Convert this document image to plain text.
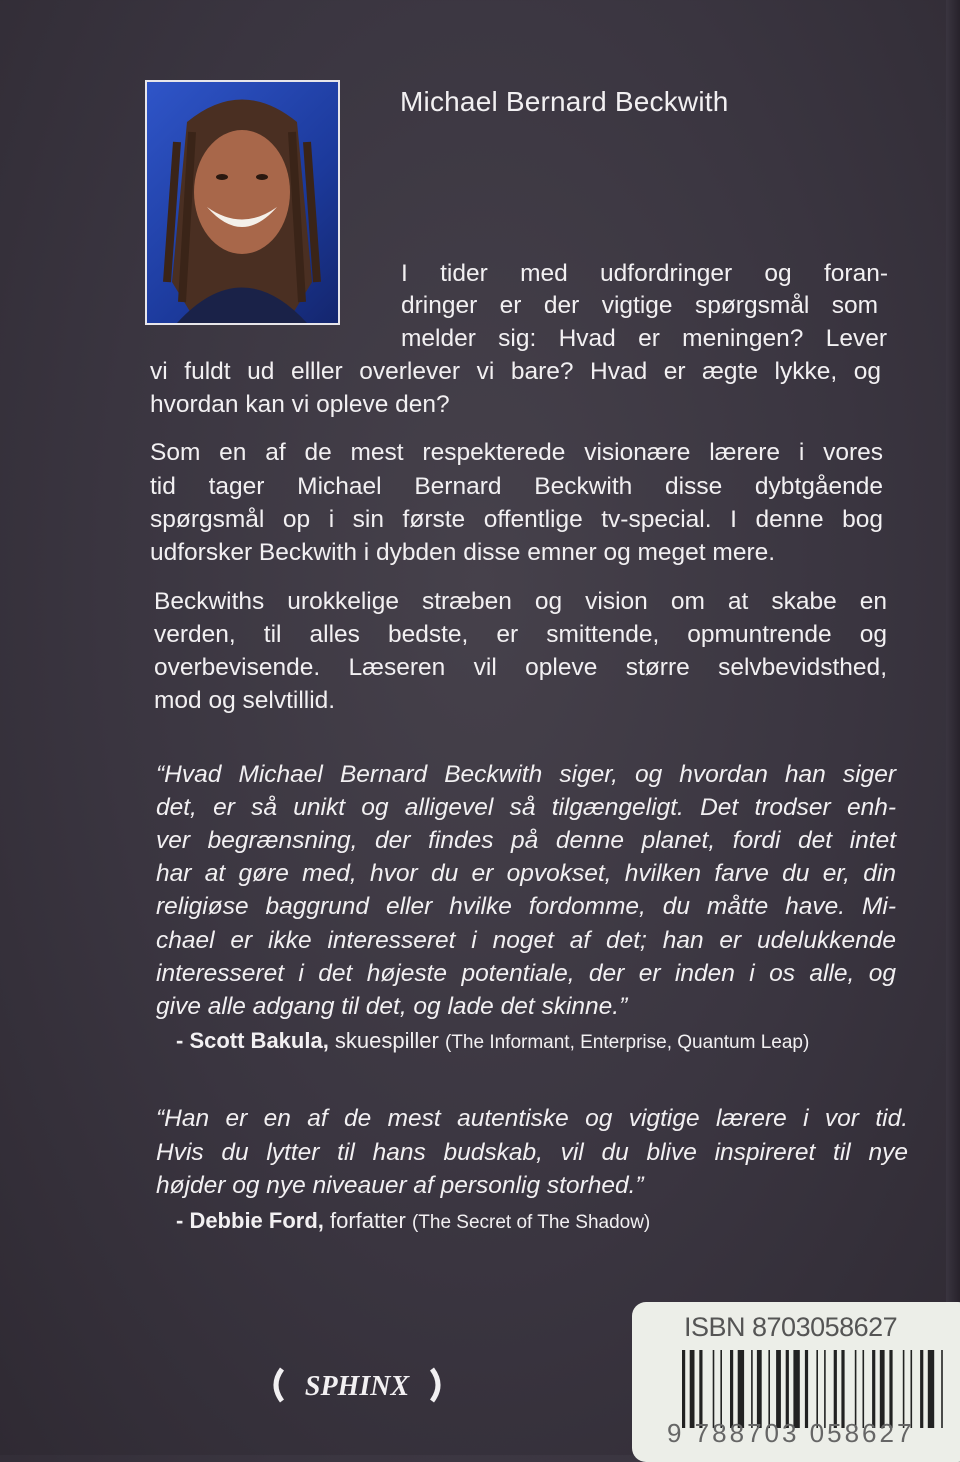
Michael Bernard Beckwith
I tider med udfordringer og foran-
dringer er der vigtige spørgsmål som
melder sig: Hvad er meningen? Lever
vi fuldt ud elller overlever vi bare? Hvad er ægte lykke, og
hvordan kan vi opleve den?
Som en af de mest respekterede visionære lærere i vores
tid tager Michael Bernard Beckwith disse dybtgående
spørgsmål op i sin første offentlige tv-special. I denne bog
udforsker Beckwith i dybden disse emner og meget mere.
Beckwiths urokkelige stræben og vision om at skabe en
verden, til alles bedste, er smittende, opmuntrende og
overbevisende. Læseren vil opleve større selvbevidsthed,
mod og selvtillid.
“Hvad Michael Bernard Beckwith siger, og hvordan han siger
det, er så unikt og alligevel så tilgængeligt. Det trodser enh-
ver begrænsning, der findes på denne planet, fordi det intet
har at gøre med, hvor du er opvokset, hvilken farve du er, din
religiøse baggrund eller hvilke fordomme, du måtte have. Mi-
chael er ikke interesseret i noget af det; han er udelukkende
interesseret i det højeste potentiale, der er inden i os alle, og
give alle adgang til det, og lade det skinne.”
- Scott Bakula, skuespiller (The Informant, Enterprise, Quantum Leap)
“Han er en af de mest autentiske og vigtige lærere i vor tid.
Hvis du lytter til hans budskab, vil du blive inspireret til nye
højder og nye niveauer af personlig storhed.”
- Debbie Ford, forfatter (The Secret of The Shadow)
SPHINX
ISBN 8703058627
9 788703 058627
